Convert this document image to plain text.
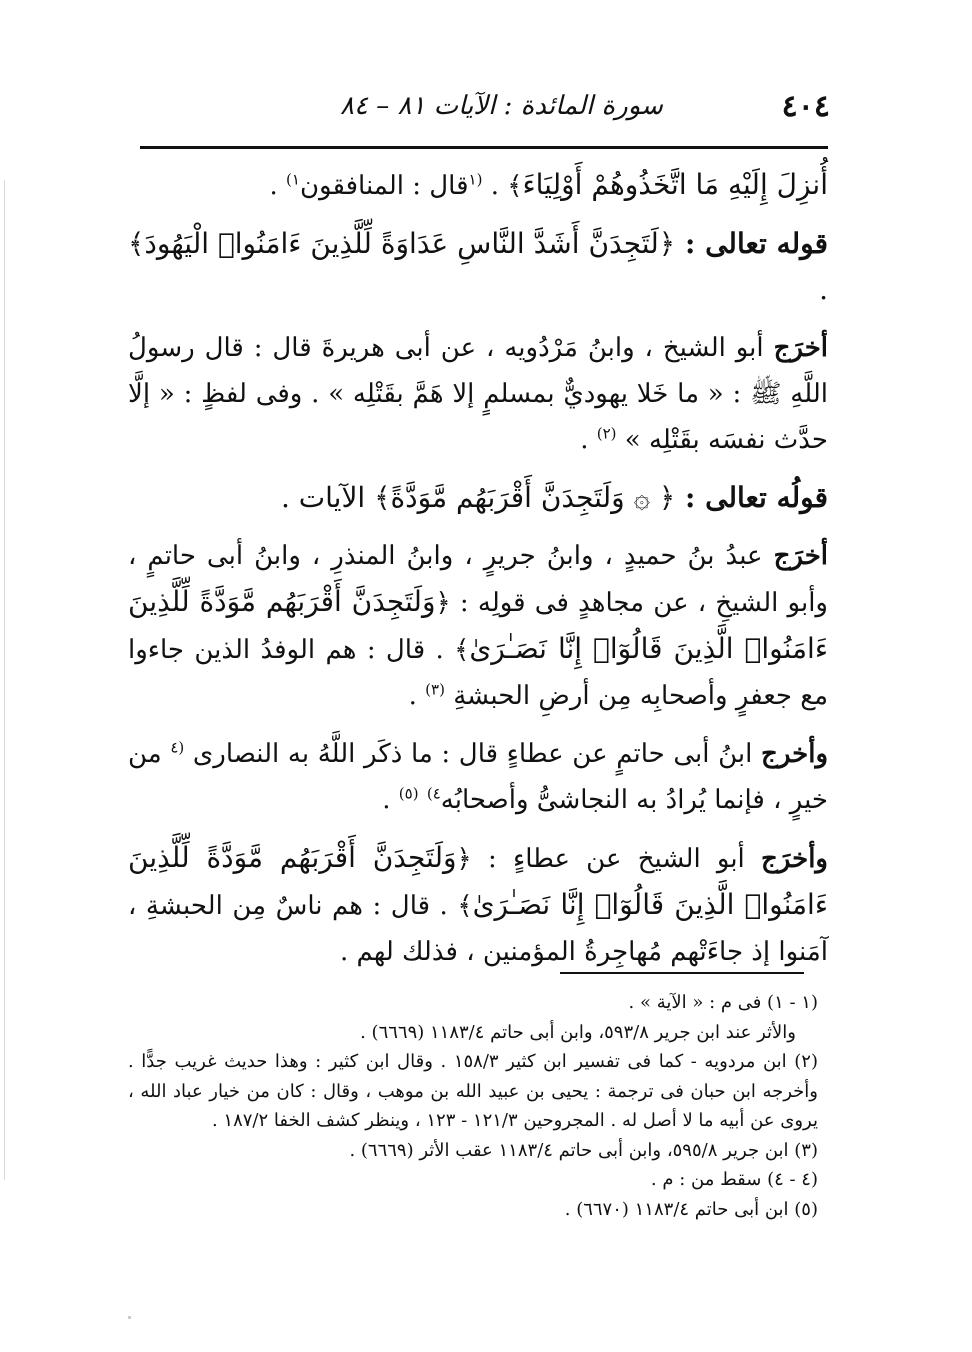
٤٠٤
سورة المائدة : الآيات ٨١ – ٨٤

أُنزِلَ إِلَيْهِ مَا اتَّخَذُوهُمْ أَوْلِيَاءَ﴾ . $^{(١}$قال : المنافقون$^{١)}$ .

قوله تعالى : ﴿لَتَجِدَنَّ أَشَدَّ النَّاسِ عَدَاوَةً لِّلَّذِينَ ءَامَنُوا۟ الْيَهُودَ﴾ .

أخرَج أبو الشيخ ، وابنُ مَرْدُويه ، عن أبى هريرةَ قال : قال رسولُ اللَّهِ ﷺ : « ما خَلا يهوديٌّ بمسلمٍ إلا هَمَّ بقَتْلِه » . وفى لفظٍ : « إلَّا حدَّث نفسَه بقَتْلِه » $^{(٢)}$ .

قولُه تعالى : ﴿ ۞ وَلَتَجِدَنَّ أَقْرَبَهُم مَّوَدَّةً﴾ الآيات .

أخرَج عبدُ بنُ حميدٍ ، وابنُ جريرٍ ، وابنُ المنذرِ ، وابنُ أبى حاتمٍ ، وأبو الشيخِ ، عن مجاهدٍ فى قولِه : ﴿وَلَتَجِدَنَّ أَقْرَبَهُم مَّوَدَّةً لِّلَّذِينَ ءَامَنُوا۟ الَّذِينَ قَالُوٓا۟ إِنَّا نَصَـٰرَىٰ﴾ . قال : هم الوفدُ الذين جاءوا مع جعفرٍ وأصحابِه مِن أرضِ الحبشةِ $^{(٣)}$ .

وأخرج ابنُ أبى حاتمٍ عن عطاءٍ قال : ما ذكَر اللَّهُ به النصارى $^{(٤}$ من خيرٍ ، فإنما يُرادُ به النجاشىُّ وأصحابُه$^{٤)}$ $^{(٥)}$ .

وأخرَج أبو الشيخ عن عطاءٍ : ﴿وَلَتَجِدَنَّ أَقْرَبَهُم مَّوَدَّةً لِّلَّذِينَ ءَامَنُوا۟ الَّذِينَ قَالُوٓا۟ إِنَّا نَصَـٰرَىٰ﴾ . قال : هم ناسٌ مِن الحبشةِ ، آمَنوا إذ جاءَتْهم مُهاجِرةُ المؤمنين ، فذلك لهم .

(١ - ١) فى م : « الآية » .

والأثر عند ابن جرير ٥٩٣/٨، وابن أبى حاتم ١١٨٣/٤ (٦٦٦٩) .

(٢) ابن مردويه - كما فى تفسير ابن كثير ١٥٨/٣ . وقال ابن كثير : وهذا حديث غريب جدًّا . وأخرجه ابن حبان فى ترجمة : يحيى بن عبيد الله بن موهب ، وقال : كان من خيار عباد الله ، يروى عن أبيه ما لا أصل له . المجروحين ١٢١/٣ - ١٢٣ ، وينظر كشف الخفا ١٨٧/٢ .

(٣) ابن جرير ٥٩٥/٨، وابن أبى حاتم ١١٨٣/٤ عقب الأثر (٦٦٦٩) .

(٤ - ٤) سقط من : م .

(٥) ابن أبى حاتم ١١٨٣/٤ (٦٦٧٠) .
